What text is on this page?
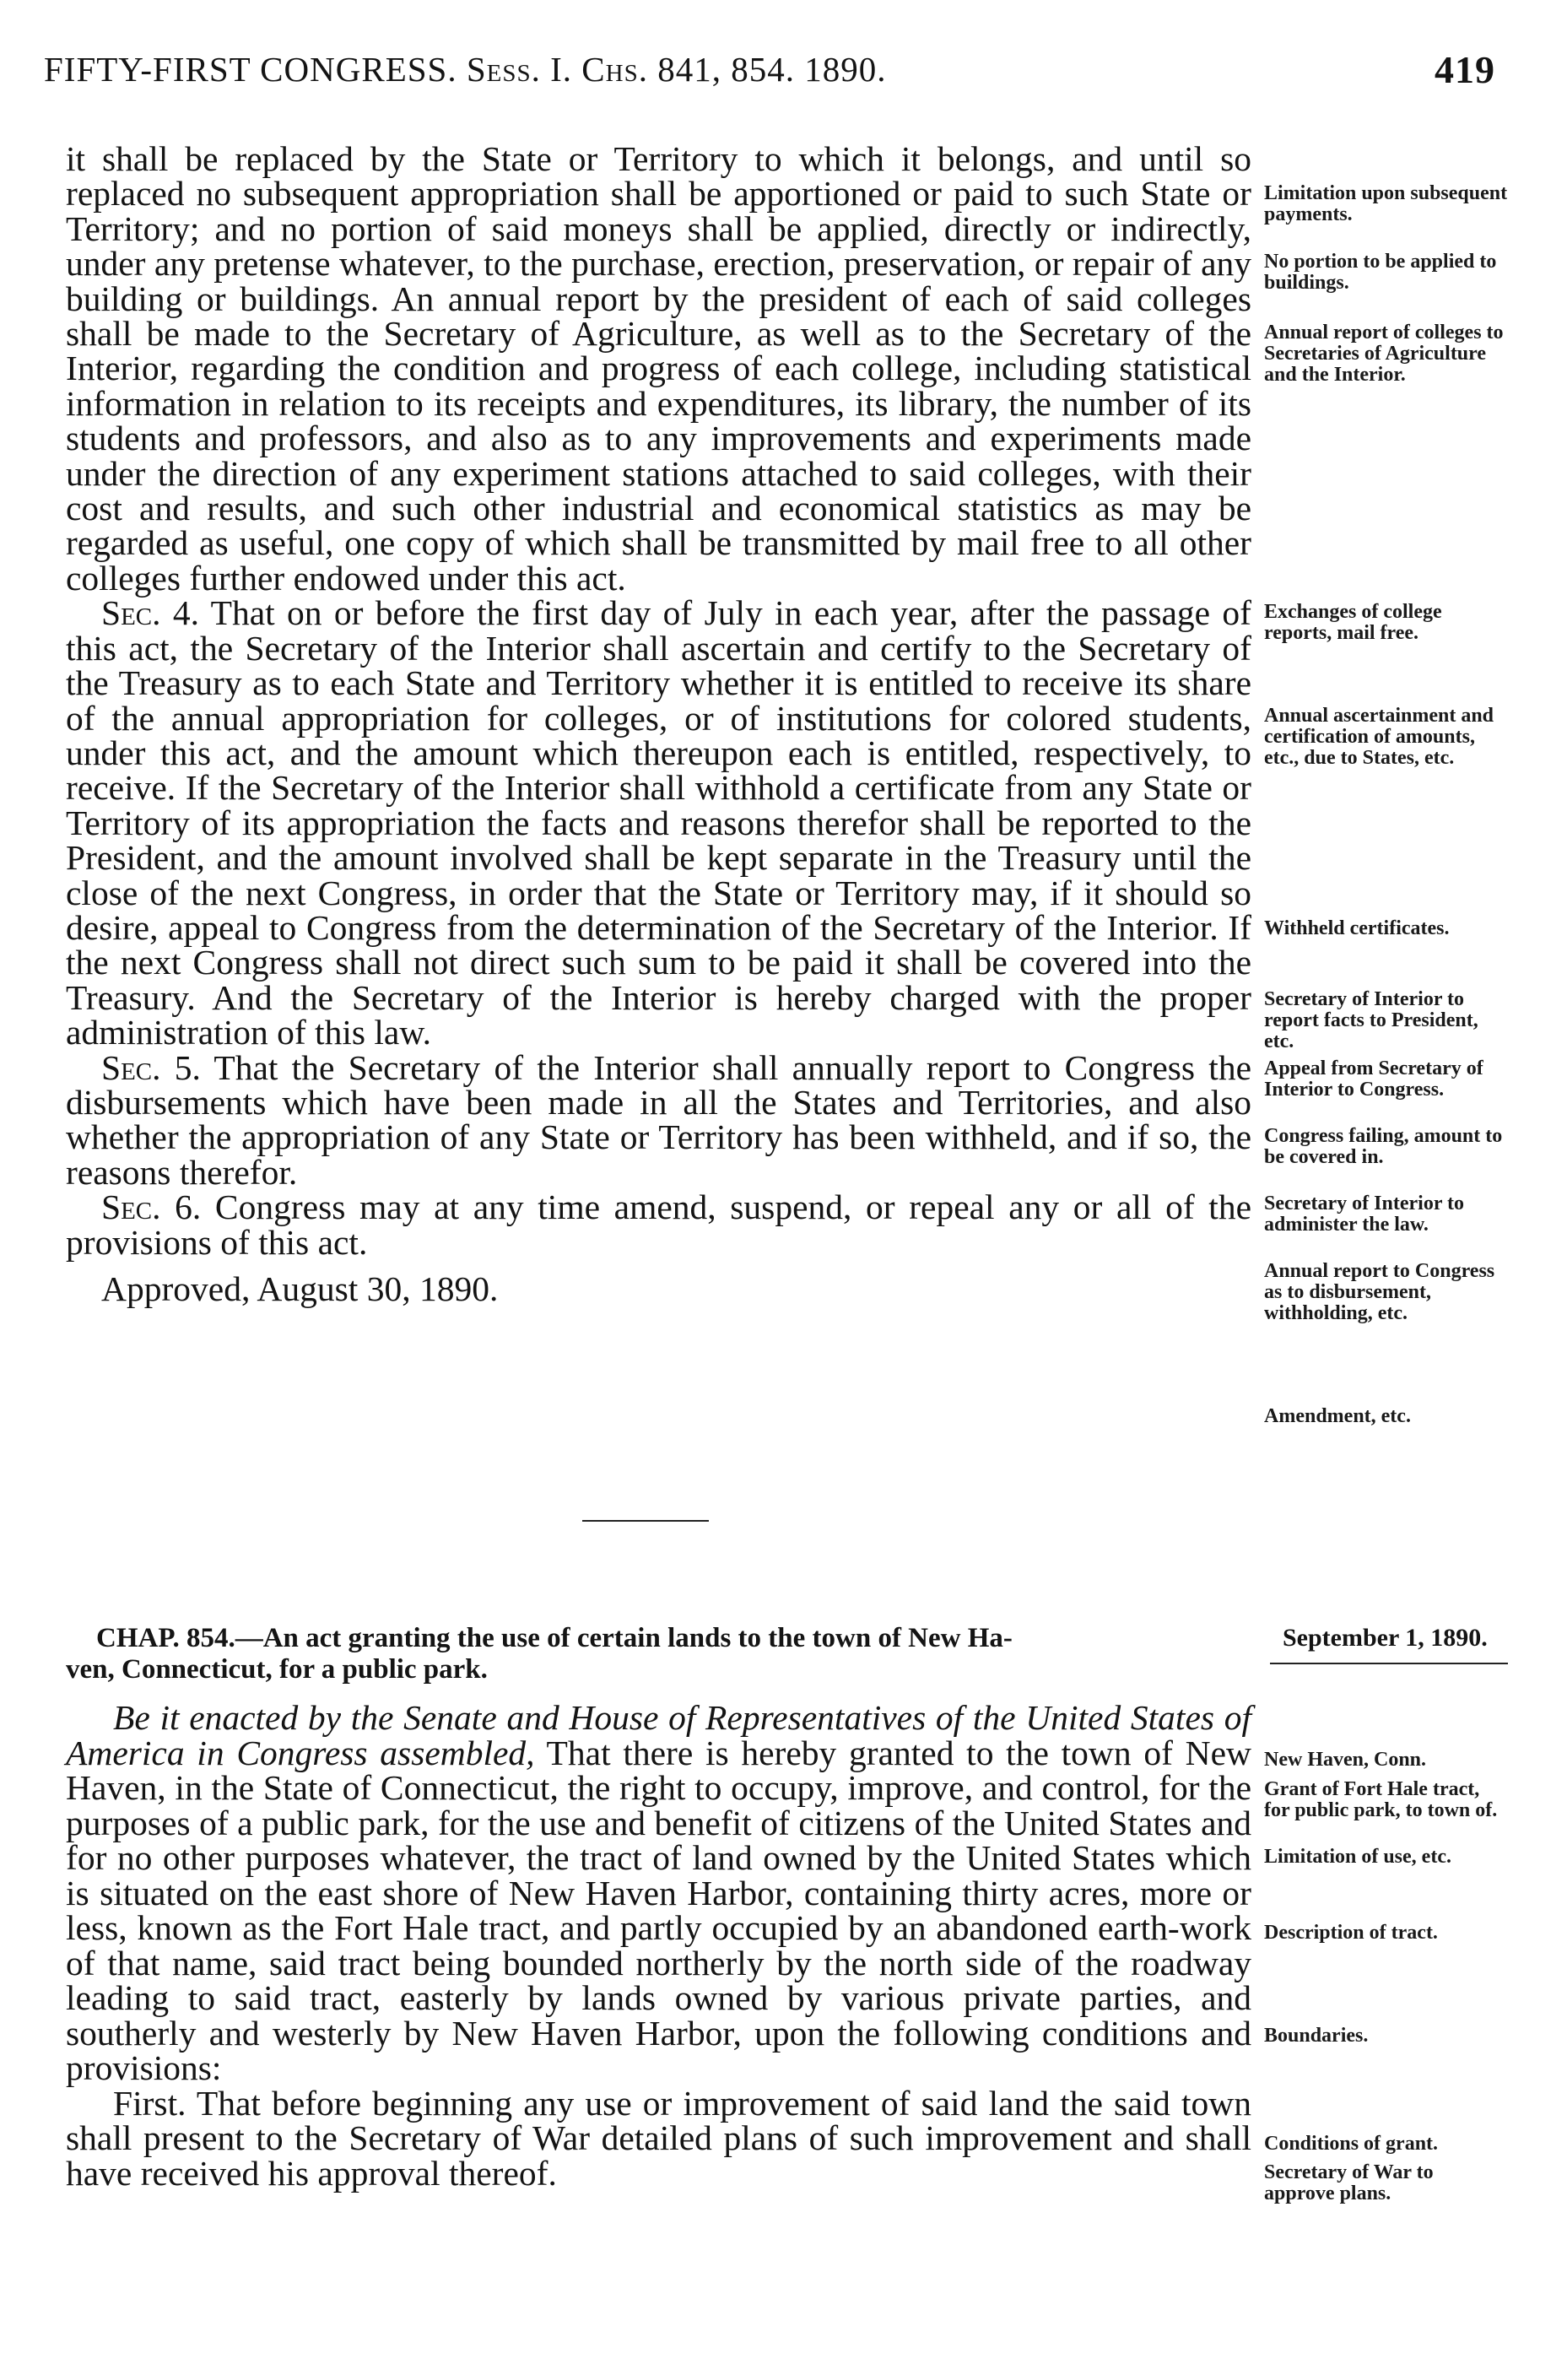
FIFTY-FIRST CONGRESS. Sess. I. Chs. 841, 854. 1890.	419

it shall be replaced by the State or Territory to which it belongs, and until so replaced no subsequent appropriation shall be apportioned or paid to such State or Territory; and no portion of said moneys shall be applied, directly or indirectly, under any pretense whatever, to the purchase, erection, preservation, or repair of any building or buildings. An annual report by the president of each of said colleges shall be made to the Secretary of Agriculture, as well as to the Secretary of the Interior, regarding the condition and progress of each college, including statistical information in relation to its receipts and expenditures, its library, the number of its students and professors, and also as to any improvements and experiments made under the direction of any experiment stations attached to said colleges, with their cost and results, and such other industrial and economical statistics as may be regarded as useful, one copy of which shall be transmitted by mail free to all other colleges further endowed under this act.

Sec. 4. That on or before the first day of July in each year, after the passage of this act, the Secretary of the Interior shall ascertain and certify to the Secretary of the Treasury as to each State and Territory whether it is entitled to receive its share of the annual appropriation for colleges, or of institutions for colored students, under this act, and the amount which thereupon each is entitled, respectively, to receive. If the Secretary of the Interior shall withhold a certificate from any State or Territory of its appropriation the facts and reasons therefor shall be reported to the President, and the amount involved shall be kept separate in the Treasury until the close of the next Congress, in order that the State or Territory may, if it should so desire, appeal to Congress from the determination of the Secretary of the Interior. If the next Congress shall not direct such sum to be paid it shall be covered into the Treasury. And the Secretary of the Interior is hereby charged with the proper administration of this law.

Sec. 5. That the Secretary of the Interior shall annually report to Congress the disbursements which have been made in all the States and Territories, and also whether the appropriation of any State or Territory has been withheld, and if so, the reasons therefor.

Sec. 6. Congress may at any time amend, suspend, or repeal any or all of the provisions of this act.

Approved, August 30, 1890.

CHAP. 854.—An act granting the use of certain lands to the town of New Ha-
ven, Connecticut, for a public park.
September 1, 1890.

Be it enacted by the Senate and House of Representatives of the United States of America in Congress assembled, That there is hereby granted to the town of New Haven, in the State of Connecticut, the right to occupy, improve, and control, for the purposes of a public park, for the use and benefit of citizens of the United States and for no other purposes whatever, the tract of land owned by the United States which is situated on the east shore of New Haven Harbor, containing thirty acres, more or less, known as the Fort Hale tract, and partly occupied by an abandoned earth-work of that name, said tract being bounded northerly by the north side of the roadway leading to said tract, easterly by lands owned by various private parties, and southerly and westerly by New Haven Harbor, upon the following conditions and provisions:

First. That before beginning any use or improvement of said land the said town shall present to the Secretary of War detailed plans of such improvement and shall have received his approval thereof.

Limitation upon subsequent payments.
No portion to be applied to buildings.
Annual report of colleges to Secretaries of Agriculture and the Interior.
Exchanges of college reports, mail free.
Annual ascertainment and certification of amounts, etc., due to States, etc.
Withheld certificates.
Secretary of Interior to report facts to President, etc.
Appeal from Secretary of Interior to Congress.
Congress failing, amount to be covered in.
Secretary of Interior to administer the law.
Annual report to Congress as to disbursement, withholding, etc.
Amendment, etc.
New Haven, Conn.
Grant of Fort Hale tract, for public park, to town of.
Limitation of use, etc.
Description of tract.
Boundaries.
Conditions of grant.
Secretary of War to approve plans.
